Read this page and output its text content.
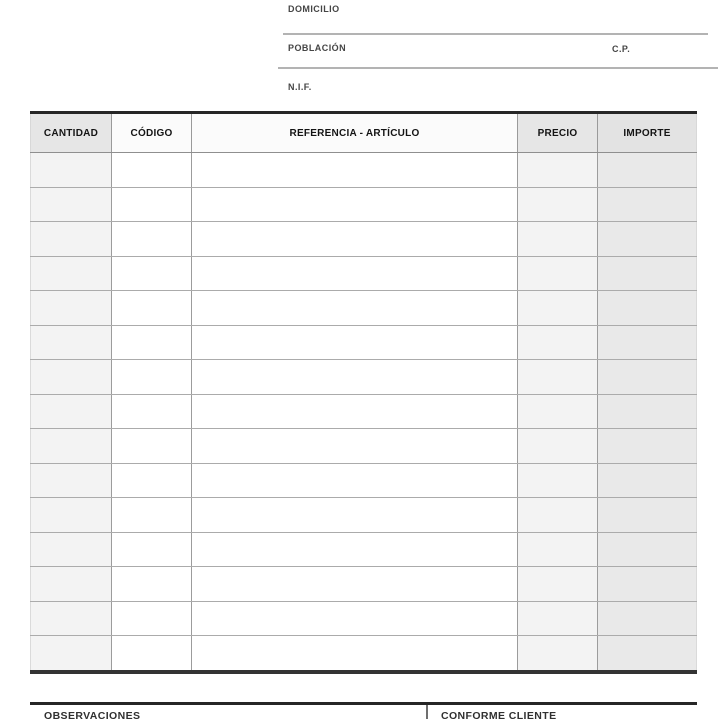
DOMICILIO
POBLACIÓN	C.P.
N.I.F.
CANTIDAD	CÓDIGO	REFERENCIA - ARTÍCULO	PRECIO	IMPORTE
OBSERVACIONES	CONFORME CLIENTE
